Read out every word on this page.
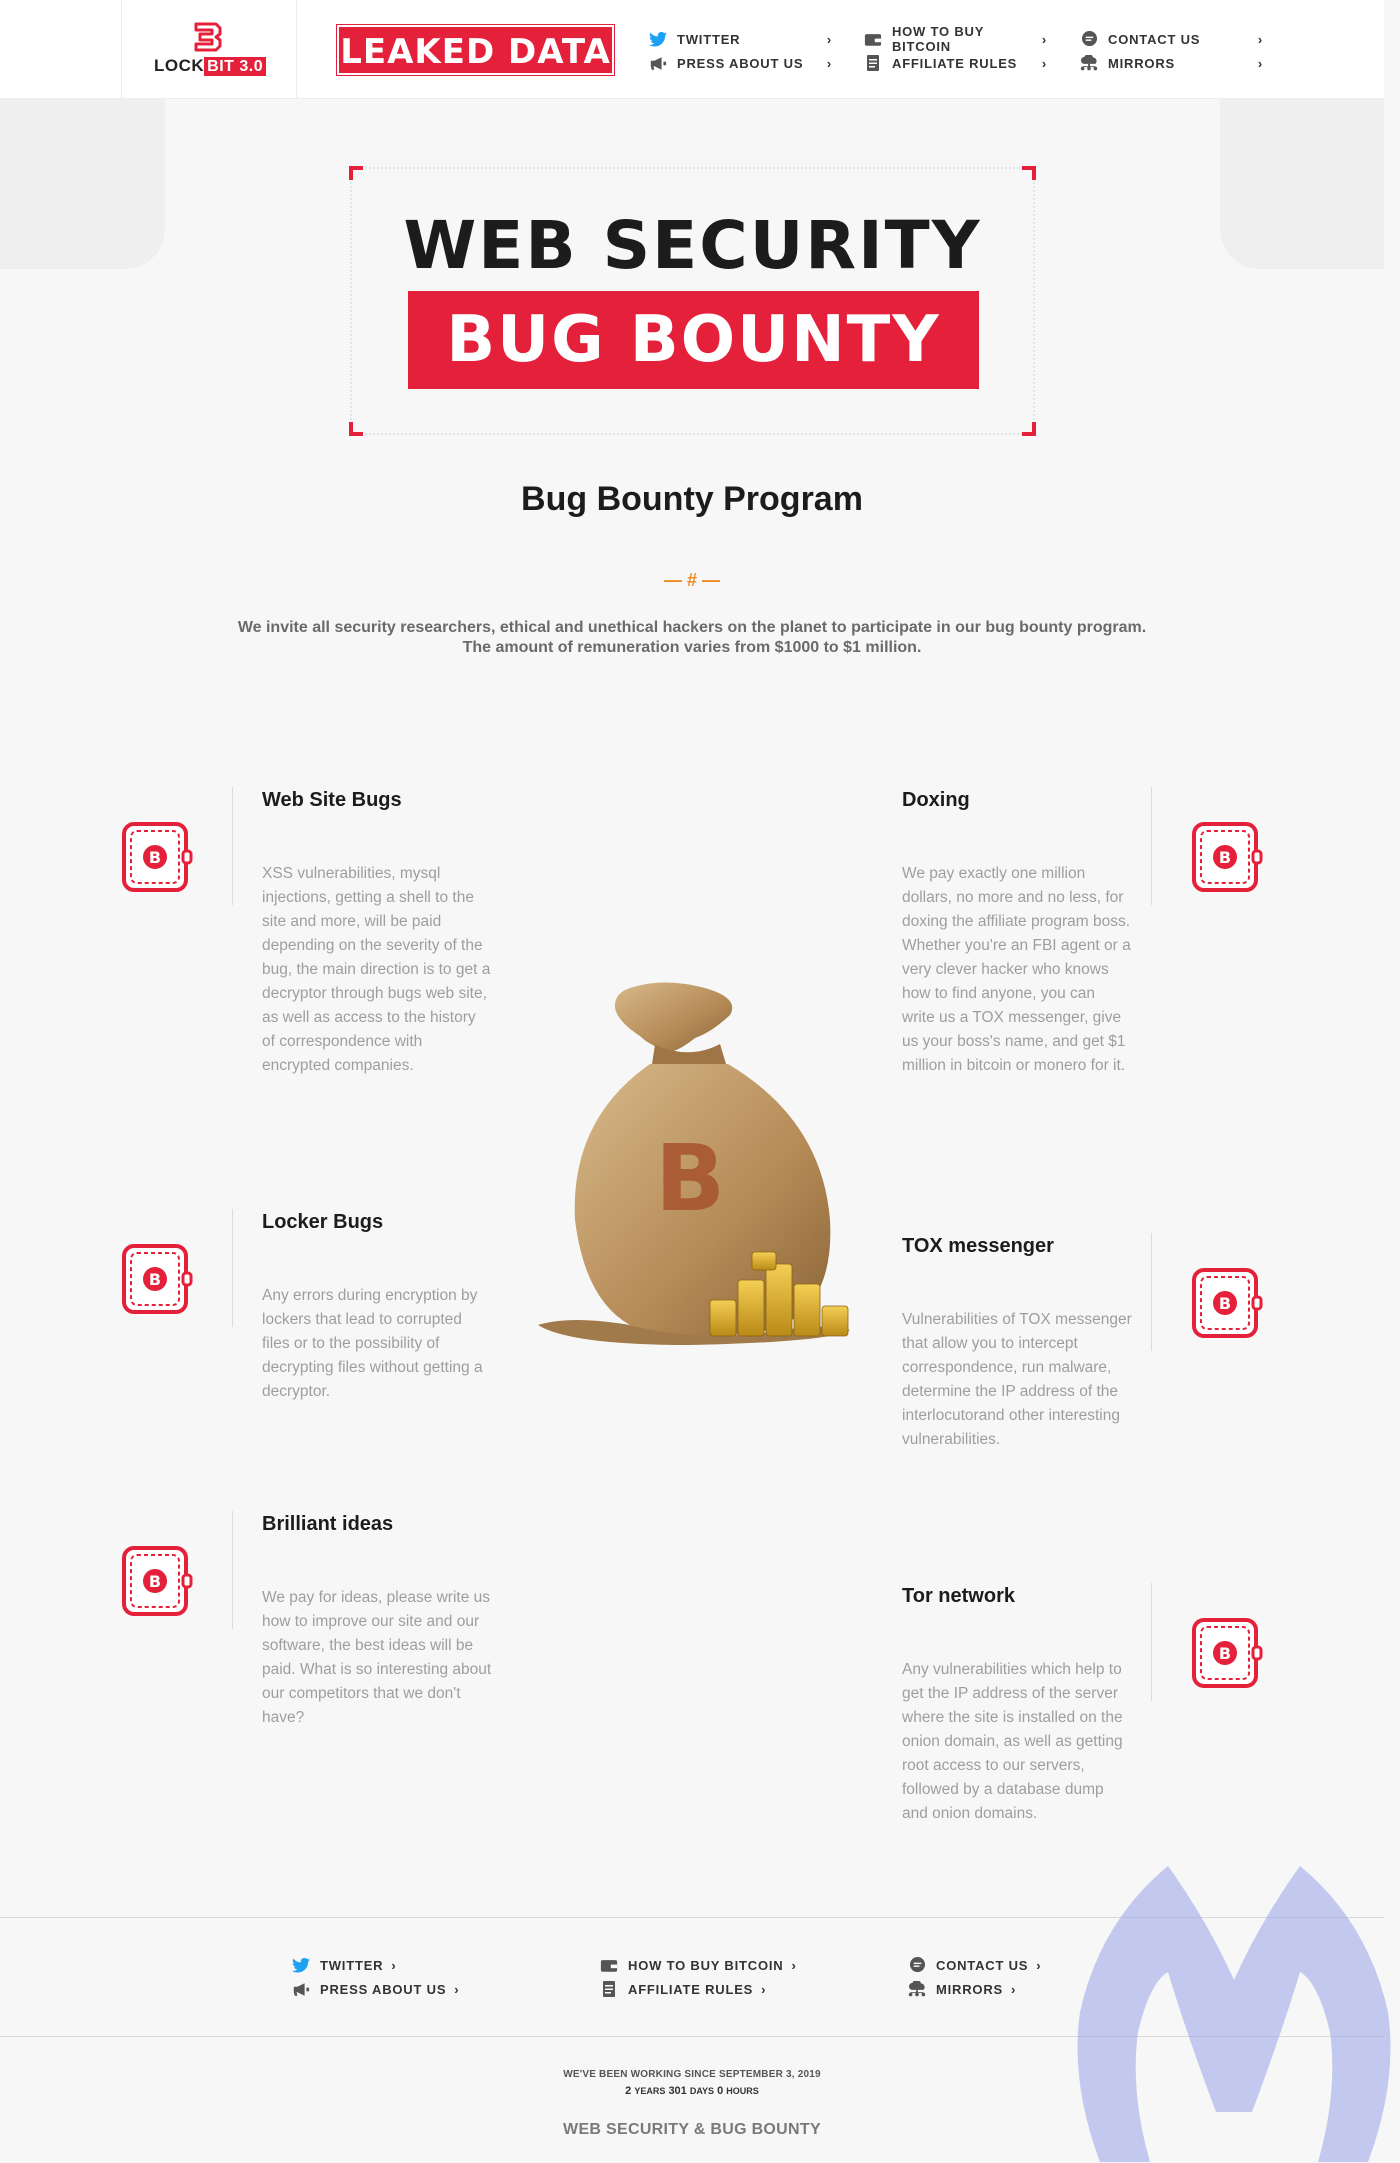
LOCK BIT 3.0 LEAKED DATA	TWITTER	›
PRESS ABOUT US ›
HOW TO BUY BITCOIN	›
AFFILIATE RULES ›
CONTACT US	›
MIRRORS	›
WEB SECURITY
BUG BOUNTY
Bug Bounty Program
— # —
We invite all security researchers, ethical and unethical hackers on the planet to participate in our bug bounty program.
The amount of remuneration varies from $1000 to $1 million.
B
Web Site Bugs

XSS vulnerabilities, mysql injections, getting a shell to the site and more, will be paid depending on the severity of the bug, the main direction is to get a decryptor through bugs web site, as well as access to the history of correspondence with encrypted companies.

B
Locker Bugs

Any errors during encryption by lockers that lead to corrupted files or to the possibility of decrypting files without getting a decryptor.

B
Brilliant ideas

We pay for ideas, please write us how to improve our site and our software, the best ideas will be paid. What is so interesting about our competitors that we don't have?

Doxing

We pay exactly one million dollars, no more and no less, for doxing the affiliate program boss. Whether you're an FBI agent or a very clever hacker who knows how to find anyone, you can write us a TOX messenger, give us your boss's name, and get $1 million in bitcoin or monero for it.

B
TOX messenger

Vulnerabilities of TOX messenger that allow you to intercept correspondence, run malware, determine the IP address of the interlocutorand other interesting vulnerabilities.

B
Tor network

Any vulnerabilities which help to get the IP address of the server where the site is installed on the onion domain, as well as getting root access to our servers, followed by a database dump and onion domains.

B
B
TWITTER ›
PRESS ABOUT US ›
HOW TO BUY BITCOIN ›
AFFILIATE RULES ›
CONTACT US ›
MIRRORS ›
WE'VE BEEN WORKING SINCE SEPTEMBER 3, 2019
2 YEARS 301 DAYS 0 HOURS
WEB SECURITY & BUG BOUNTY
